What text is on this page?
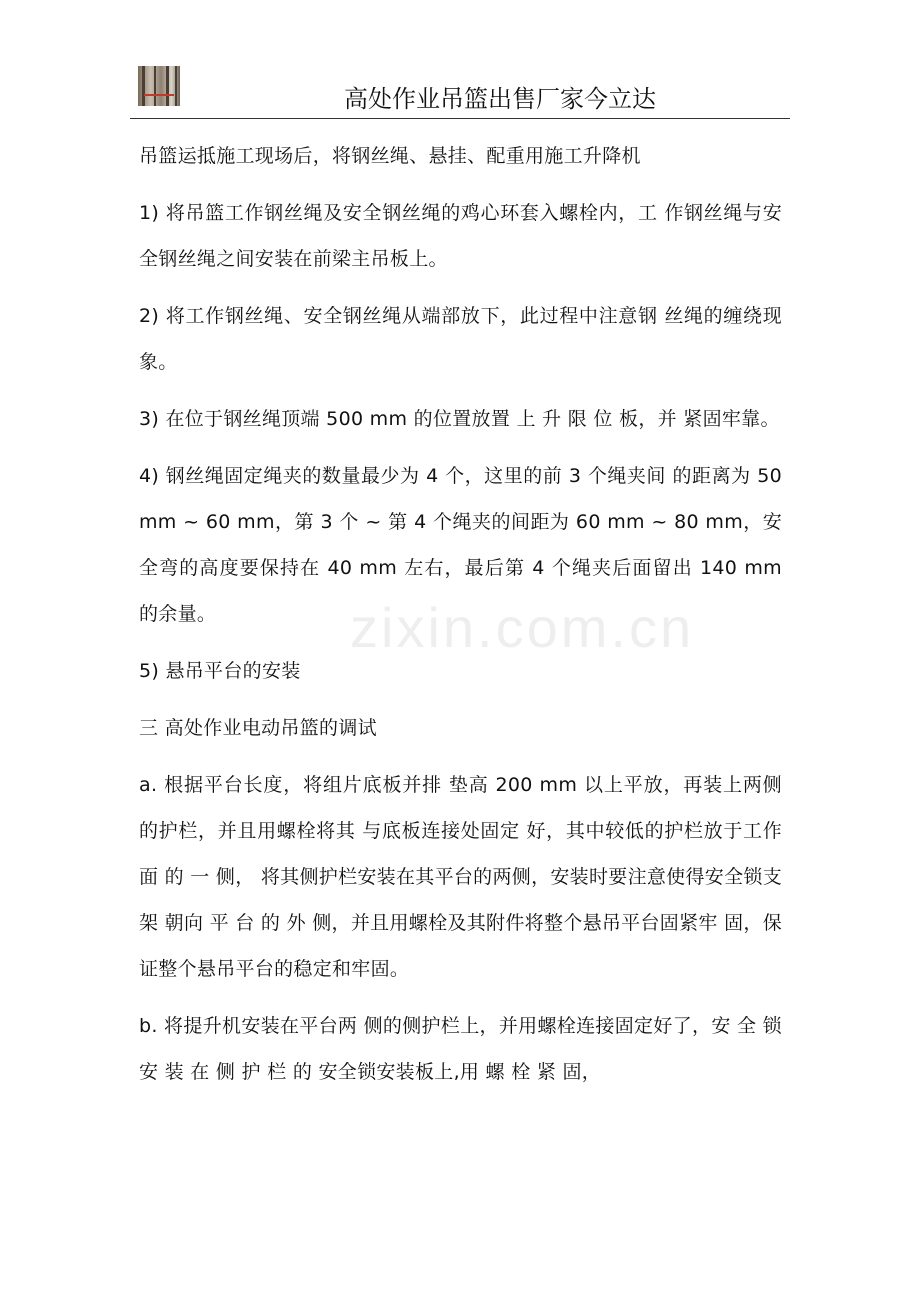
高处作业吊篮出售厂家今立达

吊篮运抵施工现场后，将钢丝绳、悬挂、配重用施工升降机

1) 将吊篮工作钢丝绳及安全钢丝绳的鸡心环套入螺栓内，工 作钢丝绳与安全钢丝绳之间安装在前梁主吊板上。

2) 将工作钢丝绳、安全钢丝绳从端部放下，此过程中注意钢 丝绳的缠绕现象。

3) 在位于钢丝绳顶端 500 mm 的位置放置 上 升 限 位 板，并 紧固牢靠。

4) 钢丝绳固定绳夹的数量最少为 4 个，这里的前 3 个绳夹间 的距离为 50 mm ~ 60 mm，第 3 个 ~ 第 4 个绳夹的间距为 60 mm ~ 80 mm，安全弯的高度要保持在 40 mm 左右，最后第 4 个绳夹后面留出 140 mm 的余量。

5) 悬吊平台的安装

三 高处作业电动吊篮的调试

a. 根据平台长度，将组片底板并排 垫高 200 mm 以上平放，再装上两侧的护栏，并且用螺栓将其 与底板连接处固定 好，其中较低的护栏放于工作面 的 一 侧， 将其侧护栏安装在其平台的两侧，安装时要注意使得安全锁支架 朝向 平 台 的 外 侧，并且用螺栓及其附件将整个悬吊平台固紧牢 固，保证整个悬吊平台的稳定和牢固。

b. 将提升机安装在平台两 侧的侧护栏上，并用螺栓连接固定好了，安 全 锁 安 装 在 侧 护 栏 的 安全锁安装板上,用 螺 栓 紧 固，

zixin.com.cn
